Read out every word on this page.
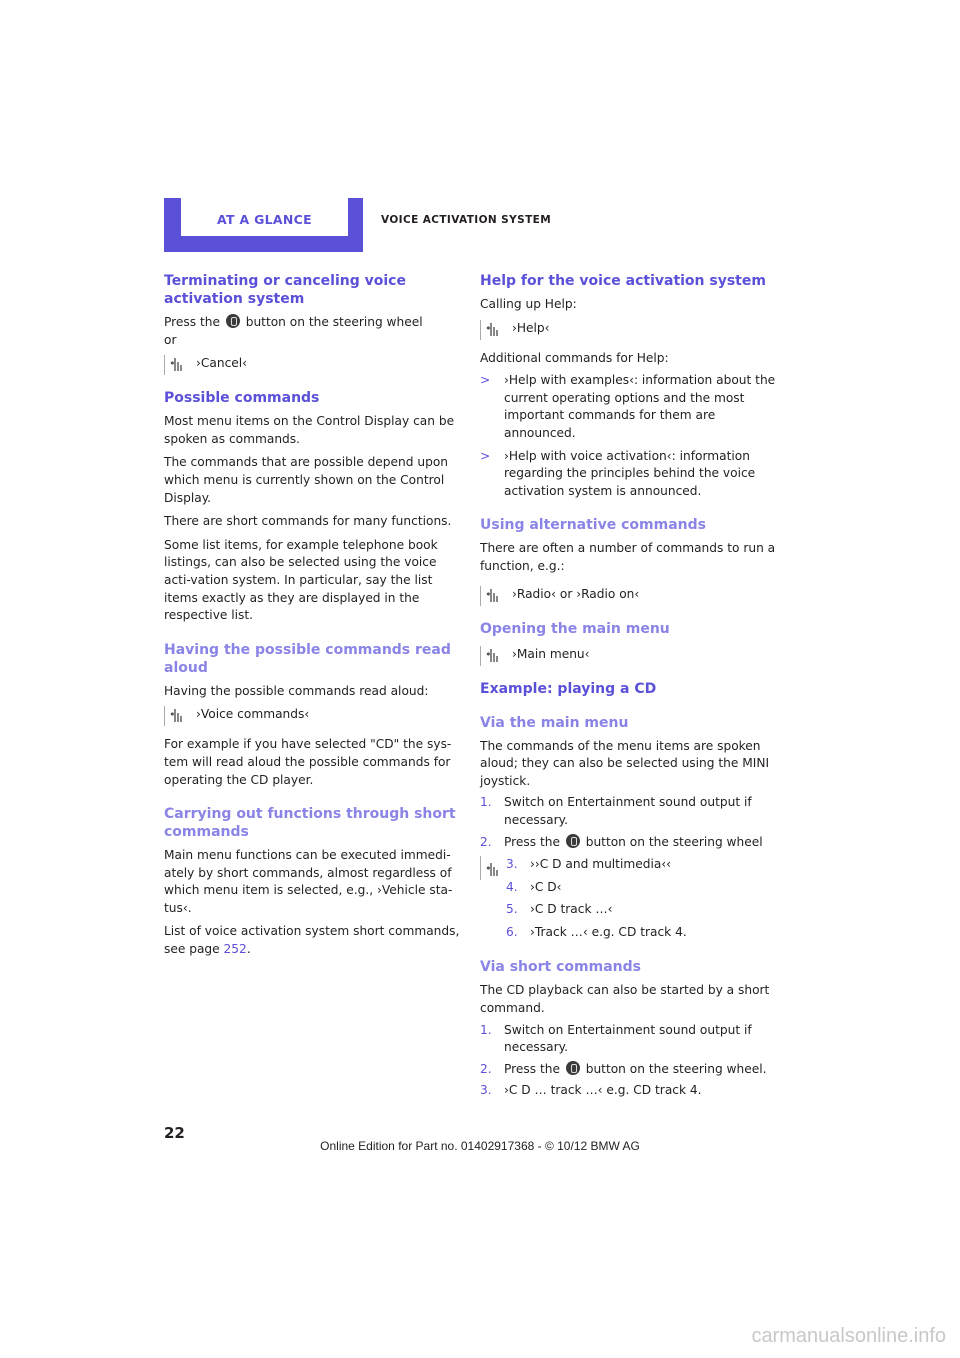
AT A GLANCE	VOICE ACTIVATION SYSTEM
Terminating or canceling voice activation system

Press the button on the steering wheel

or

›Cancel‹
Possible commands

Most menu items on the Control Display can be spoken as commands.

The commands that are possible depend upon which menu is currently shown on the Control Display.

There are short commands for many functions.

Some list items, for example telephone book listings, can also be selected using the voice acti-vation system. In particular, say the list items exactly as they are displayed in the respective list.

Having the possible commands read aloud

Having the possible commands read aloud:

›Voice commands‹

For example if you have selected "CD" the sys-tem will read aloud the possible commands for operating the CD player.

Carrying out functions through short commands

Main menu functions can be executed immedi-ately by short commands, almost regardless of which menu item is selected, e.g., ›Vehicle sta-tus‹.

List of voice activation system short commands, see page 252.

Help for the voice activation system

Calling up Help:

›Help‹

Additional commands for Help:

>	›Help with examples‹: information about the current operating options and the most important commands for them are announced.
>	›Help with voice activation‹: information regarding the principles behind the voice activation system is announced.
Using alternative commands

There are often a number of commands to run a function, e.g.:

›Radio‹ or ›Radio on‹
Opening the main menu
›Main menu‹
Example: playing a CD
Via the main menu

The commands of the menu items are spoken aloud; they can also be selected using the MINI joystick.

1.	Switch on Entertainment sound output if necessary.
2.	Press the button on the steering wheel
3.	››C D and multimedia‹‹
4.	›C D‹
5.	›C D track …‹
6.	›Track …‹ e.g. CD track 4.
Via short commands

The CD playback can also be started by a short command.

1.	Switch on Entertainment sound output if necessary.
2.	Press the button on the steering wheel.
3.	›C D … track …‹ e.g. CD track 4.
22
Online Edition for Part no. 01402917368 - © 10/12 BMW AG
carmanualsonline.info
